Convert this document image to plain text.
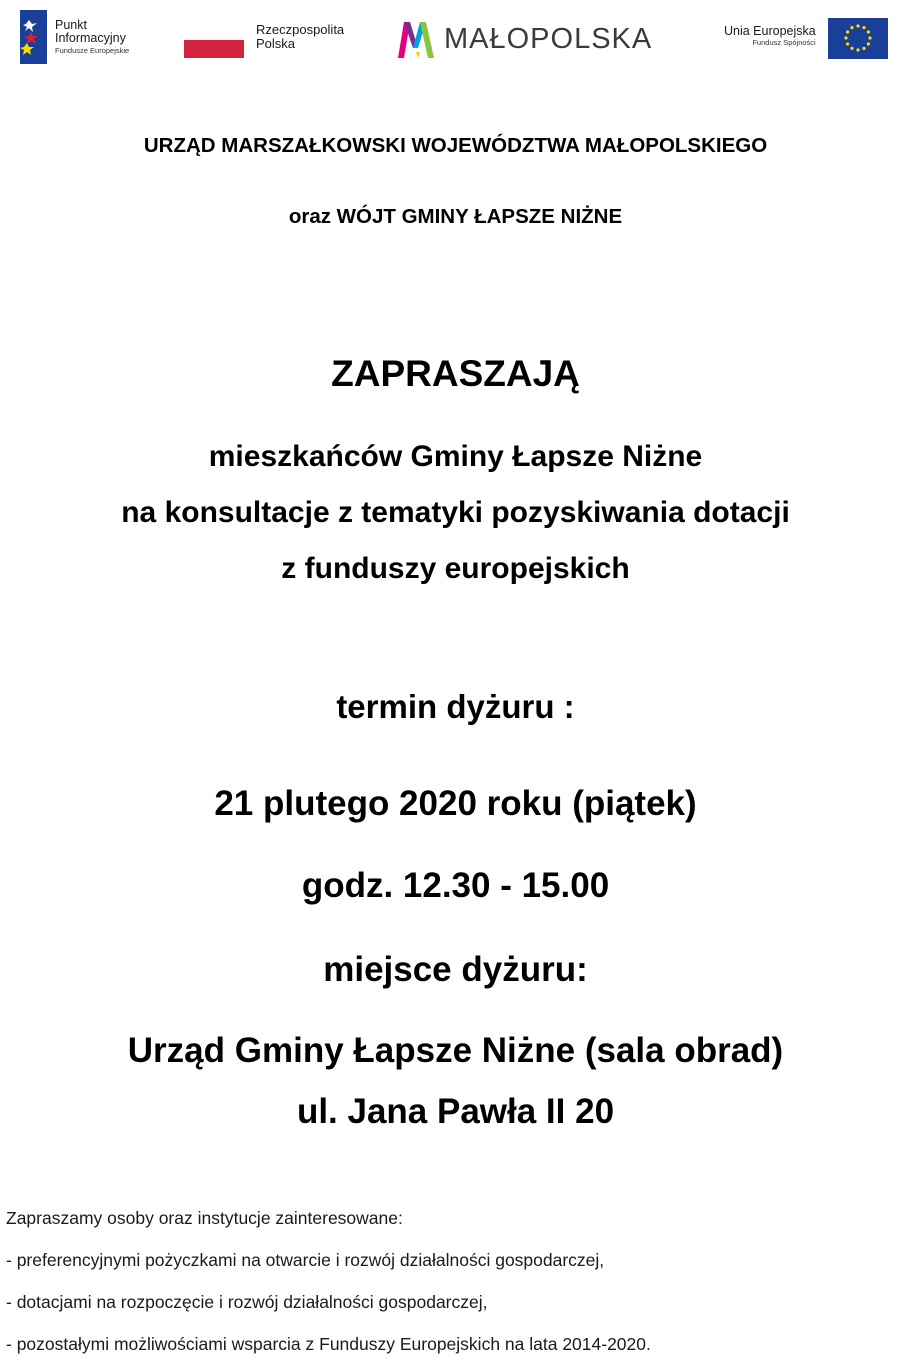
Punkt
Informacyjny
Fundusze Europejskie
Rzeczpospolita
Polska	MAŁOPOLSKA	Unia Europejska
Fundusz Spójności
URZĄD MARSZAŁKOWSKI WOJEWÓDZTWA MAŁOPOLSKIEGO
oraz WÓJT GMINY ŁAPSZE NIŻNE
ZAPRASZAJĄ
mieszkańców Gminy Łapsze Niżne
na konsultacje z tematyki pozyskiwania dotacji
z funduszy europejskich
termin dyżuru :
21 plutego 2020 roku (piątek)
godz. 12.30 - 15.00
miejsce dyżuru:
Urząd Gminy Łapsze Niżne (sala obrad)
ul. Jana Pawła II 20
Zapraszamy osoby oraz instytucje zainteresowane:
- preferencyjnymi pożyczkami na otwarcie i rozwój działalności gospodarczej,
- dotacjami na rozpoczęcie i rozwój działalności gospodarczej,
- pozostałymi możliwościami wsparcia z Funduszy Europejskich na lata 2014-2020.
